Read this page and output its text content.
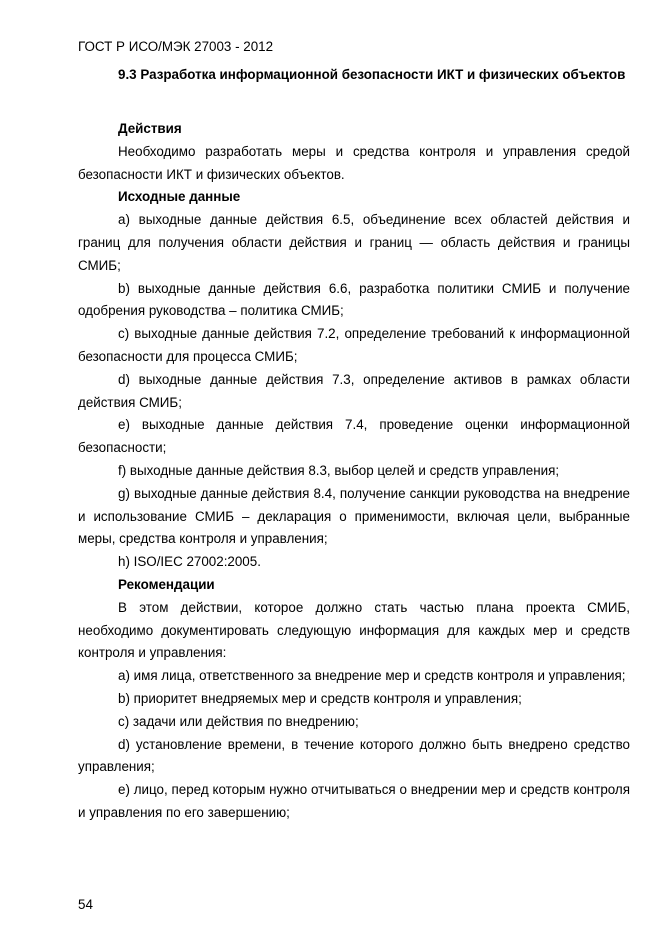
ГОСТ Р ИСО/МЭК 27003 - 2012
9.3 Разработка информационной безопасности ИКТ и физических объектов
Действия
Необходимо разработать меры и средства контроля и управления средой безопасности ИКТ и физических объектов.
Исходные данные
a) выходные данные действия 6.5, объединение всех областей действия и границ для получения области действия и границ — область действия и границы СМИБ;
b) выходные данные действия 6.6, разработка политики СМИБ и получение одобрения руководства – политика СМИБ;
c) выходные данные действия 7.2, определение требований к информационной безопасности для процесса СМИБ;
d) выходные данные действия 7.3, определение активов в рамках области действия СМИБ;
e) выходные данные действия 7.4, проведение оценки информационной безопасности;
f) выходные данные действия 8.3, выбор целей и средств управления;
g) выходные данные действия 8.4, получение санкции руководства на внедрение и использование СМИБ – декларация о применимости, включая цели, выбранные меры, средства контроля и управления;
h) ISO/IEC 27002:2005.
Рекомендации
В этом действии, которое должно стать частью плана проекта СМИБ, необходимо документировать следующую информация для каждых мер и средств контроля и управления:
a) имя лица, ответственного за внедрение мер и средств контроля и управления;
b) приоритет внедряемых мер и средств контроля и управления;
c) задачи или действия по внедрению;
d) установление времени, в течение которого должно быть внедрено средство управления;
e) лицо, перед которым нужно отчитываться о внедрении мер и средств контроля и управления по его завершению;
54
